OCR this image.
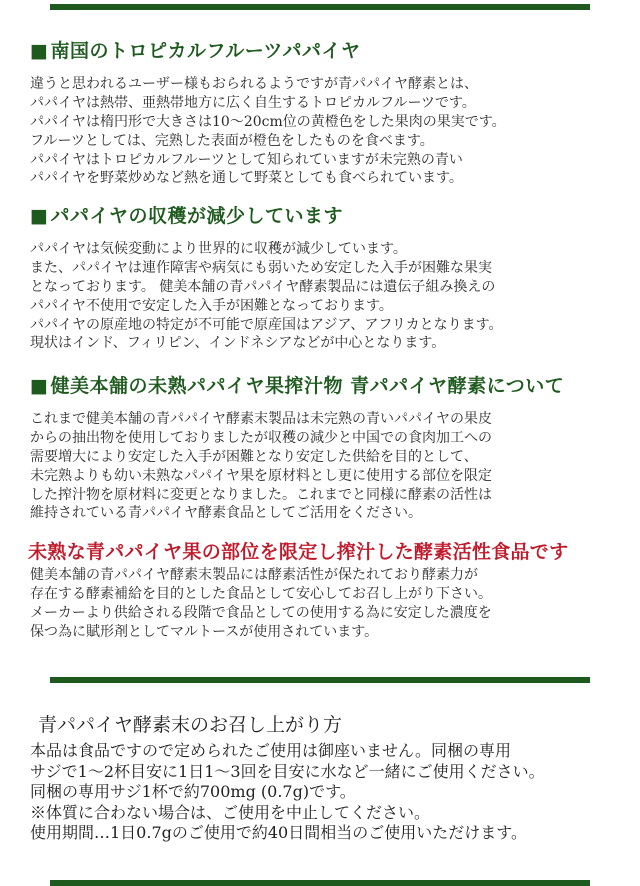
■ 南国のトロピカルフルーツパパイヤ
違うと思われるユーザー様もおられるようですが青パパイヤ酵素とは、
パパイヤは熱帯、亜熱帯地方に広く自生するトロピカルフルーツです。
パパイヤは楕円形で大きさは10～20cm位の黄橙色をした果肉の果実です。
フルーツとしては、完熟した表面が橙色をしたものを食べます。
パパイヤはトロピカルフルーツとして知られていますが未完熟の青い
パパイヤを野菜炒めなど熱を通して野菜としても食べられています。
■ パパイヤの収穫が減少しています
パパイヤは気候変動により世界的に収穫が減少しています。
また、パパイヤは連作障害や病気にも弱いため安定した入手が困難な果実
となっております。 健美本舗の青パパイヤ酵素製品には遺伝子組み換えの
パパイヤ不使用で安定した入手が困難となっております。
パパイヤの原産地の特定が不可能で原産国はアジア、アフリカとなります。
現状はインド、フィリピン、インドネシアなどが中心となります。
■ 健美本舗の未熟パパイヤ果搾汁物 青パパイヤ酵素について
これまで健美本舗の青パパイヤ酵素末製品は未完熟の青いパパイヤの果皮
からの抽出物を使用しておりましたが収穫の減少と中国での食肉加工への
需要増大により安定した入手が困難となり安定した供給を目的として、
未完熟よりも幼い未熟なパパイヤ果を原材料とし更に使用する部位を限定
した搾汁物を原材料に変更となりました。これまでと同様に酵素の活性は
維持されている青パパイヤ酵素食品としてご活用をください。
未熟な青パパイヤ果の部位を限定し搾汁した酵素活性食品です
健美本舗の青パパイヤ酵素末製品には酵素活性が保たれており酵素力が
存在する酵素補給を目的とした食品として安心してお召し上がり下さい。
メーカーより供給される段階で食品としての使用する為に安定した濃度を
保つ為に賦形剤としてマルトースが使用されています。
青パパイヤ酵素末のお召し上がり方
本品は食品ですので定められたご使用は御座いません。同梱の専用
サジで1～2杯目安に1日1～3回を目安に水など一緒にご使用ください。
同梱の専用サジ1杯で約700mg (0.7g)です。
※体質に合わない場合は、ご使用を中止してください。
使用期間…1日0.7gのご使用で約40日間相当のご使用いただけます。
